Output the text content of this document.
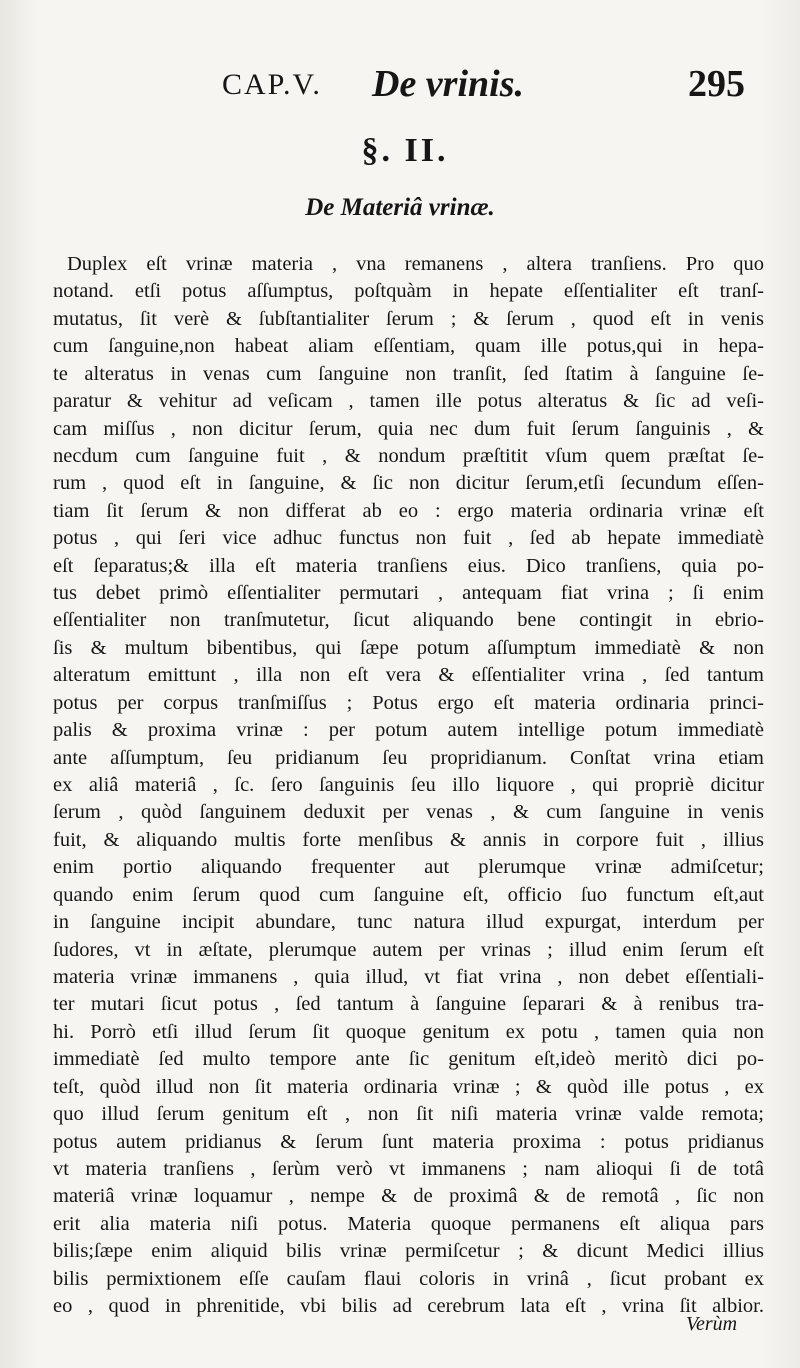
CAP.V. De vrinis.	295
§. II.
De Materiâ vrinæ.
Duplex eſt vrinæ materia , vna remanens , altera tranſiens. Pro quo
notand. etſi potus aſſumptus, poſtquàm in hepate eſſentialiter eſt tranſ-
mutatus, ſit verè & ſubſtantialiter ſerum ; & ſerum , quod eſt in venis
cum ſanguine,non habeat aliam eſſentiam, quam ille potus,qui in hepa-
te alteratus in venas cum ſanguine non tranſit, ſed ſtatim à ſanguine ſe-
paratur & vehitur ad veſicam , tamen ille potus alteratus & ſic ad veſi-
cam miſſus , non dicitur ſerum, quia nec dum fuit ſerum ſanguinis , &
necdum cum ſanguine fuit , & nondum præſtitit vſum quem præſtat ſe-
rum , quod eſt in ſanguine, & ſic non dicitur ſerum,etſi ſecundum eſſen-
tiam ſit ſerum & non differat ab eo : ergo materia ordinaria vrinæ eſt
potus , qui ſeri vice adhuc functus non fuit , ſed ab hepate immediatè
eſt ſeparatus;& illa eſt materia tranſiens eius. Dico tranſiens, quia po-
tus debet primò eſſentialiter permutari , antequam fiat vrina ; ſi enim
eſſentialiter non tranſmutetur, ſicut aliquando bene contingit in ebrio-
ſis & multum bibentibus, qui ſæpe potum aſſumptum immediatè & non
alteratum emittunt , illa non eſt vera & eſſentialiter vrina , ſed tantum
potus per corpus tranſmiſſus ; Potus ergo eſt materia ordinaria princi-
palis & proxima vrinæ : per potum autem intellige potum immediatè
ante aſſumptum, ſeu pridianum ſeu propridianum. Conſtat vrina etiam
ex aliâ materiâ , ſc. ſero ſanguinis ſeu illo liquore , qui propriè dicitur
ſerum , quòd ſanguinem deduxit per venas , & cum ſanguine in venis
fuit, & aliquando multis forte menſibus & annis in corpore fuit , illius
enim portio aliquando frequenter aut plerumque vrinæ admiſcetur;
quando enim ſerum quod cum ſanguine eſt, officio ſuo functum eſt,aut
in ſanguine incipit abundare, tunc natura illud expurgat, interdum per
ſudores, vt in æſtate, plerumque autem per vrinas ; illud enim ſerum eſt
materia vrinæ immanens , quia illud, vt fiat vrina , non debet eſſentiali-
ter mutari ſicut potus , ſed tantum à ſanguine ſeparari & à renibus tra-
hi. Porrò etſi illud ſerum ſit quoque genitum ex potu , tamen quia non
immediatè ſed multo tempore ante ſic genitum eſt,ideò meritò dici po-
teſt, quòd illud non ſit materia ordinaria vrinæ ; & quòd ille potus , ex
quo illud ſerum genitum eſt , non ſit niſi materia vrinæ valde remota;
potus autem pridianus & ſerum ſunt materia proxima : potus pridianus
vt materia tranſiens , ſerùm verò vt immanens ; nam alioqui ſi de totâ
materiâ vrinæ loquamur , nempe & de proximâ & de remotâ , ſic non
erit alia materia niſi potus. Materia quoque permanens eſt aliqua pars
bilis;ſæpe enim aliquid bilis vrinæ permiſcetur ; & dicunt Medici illius
bilis permixtionem eſſe cauſam flaui coloris in vrinâ , ſicut probant ex
eo , quod in phrenitide, vbi bilis ad cerebrum lata eſt , vrina ſit albior.
Verùm
